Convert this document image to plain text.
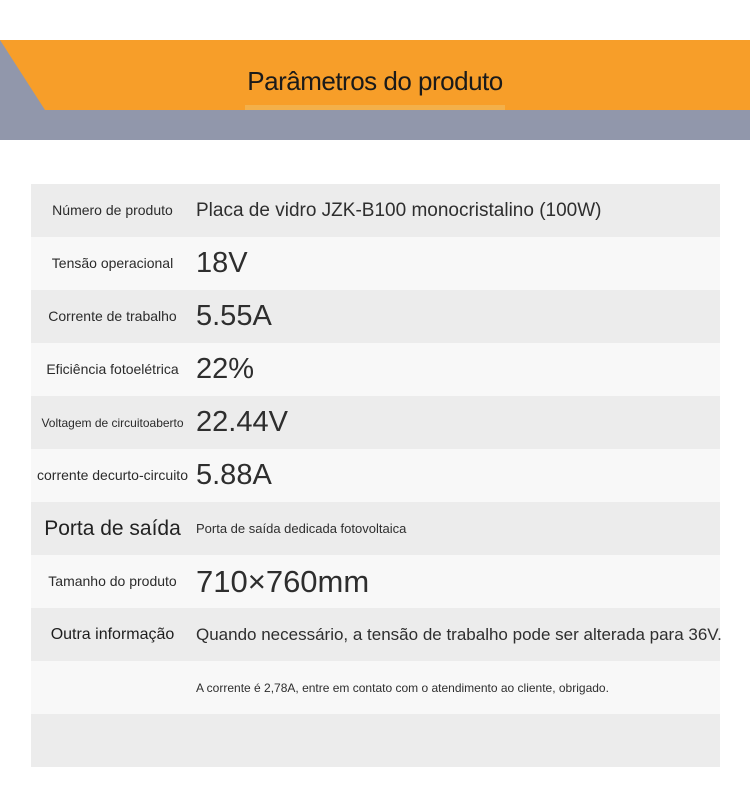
Parâmetros do produto
Número de produto	Placa de vidro JZK-B100 monocristalino (100W)
Tensão operacional 18V
Corrente de trabalho 5.55A
Eficiência fotoelétrica 22%
Voltagem de circuito aberto 22.44V
corrente de curto-circuito 5.88A
Porta de saída	Porta de saída dedicada fotovoltaica
Tamanho do produto 710×760mm
Outra informação	Quando necessário, a tensão de trabalho pode ser alterada para 36V.
A corrente é 2,78A, entre em contato com o atendimento ao cliente, obrigado.
